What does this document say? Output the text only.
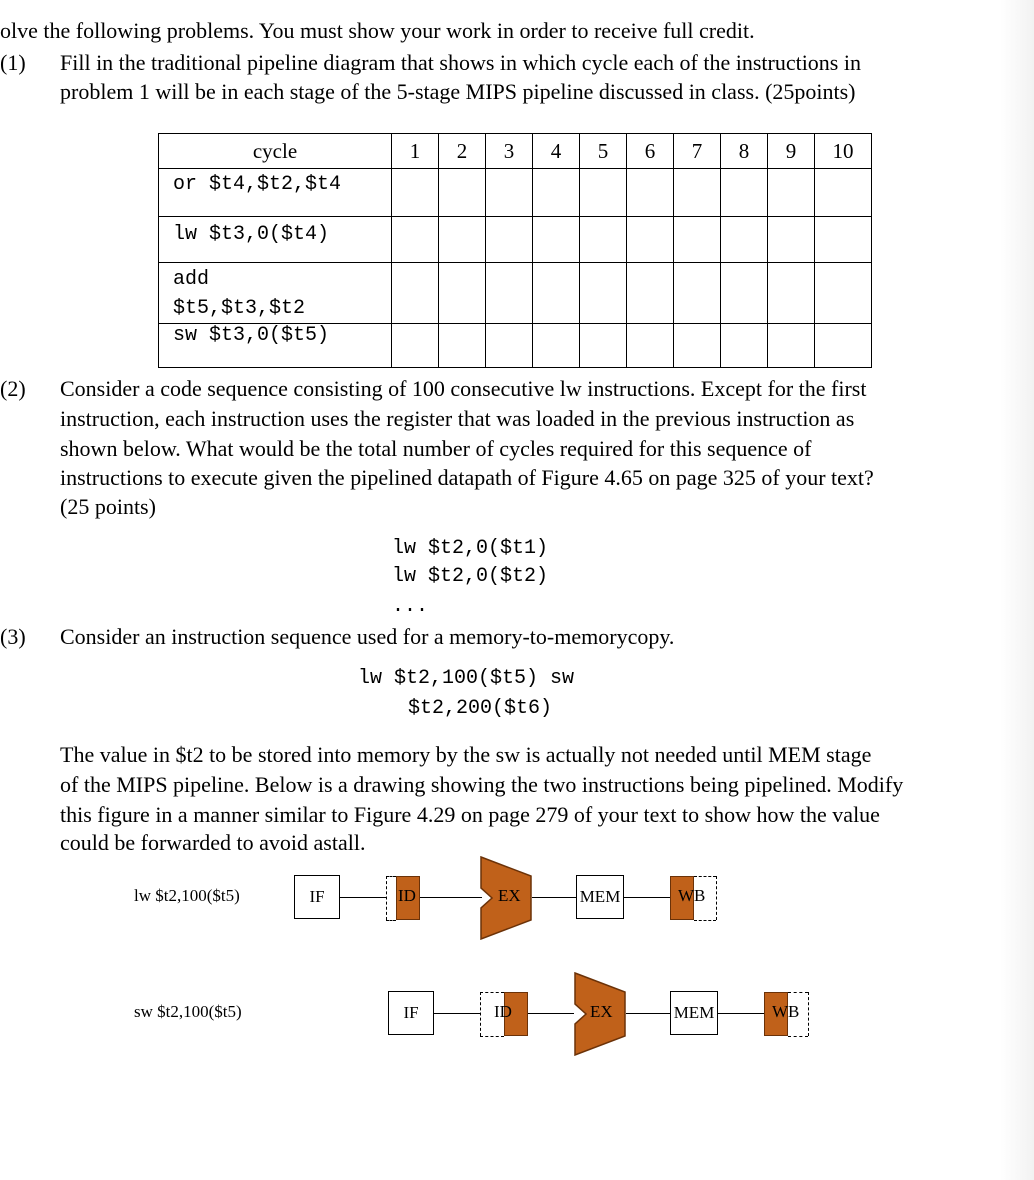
olve the following problems. You must show your work in order to receive full credit.
(1) Fill in the traditional pipeline diagram that shows in which cycle each of the instructions in
problem 1 will be in each stage of the 5-stage MIPS pipeline discussed in class. (25points)
cycle	1	2	3	4	5	6	7	8	9	10
or $t4,$t2,$t4										
lw $t3,0($t4)										

add
$t5,$t3,$t2										

sw $t3,0($t5)										
(2) Consider a code sequence consisting of 100 consecutive lw instructions. Except for the first
instruction, each instruction uses the register that was loaded in the previous instruction as
shown below. What would be the total number of cycles required for this sequence of
instructions to execute given the pipelined datapath of Figure 4.65 on page 325 of your text?
(25 points)
lw $t2,0($t1)
lw $t2,0($t2)
...
(3) Consider an instruction sequence used for a memory-to-memorycopy.
lw $t2,100($t5) sw
$t2,200($t6)
The value in $t2 to be stored into memory by the sw is actually not needed until MEM stage
of the MIPS pipeline. Below is a drawing showing the two instructions being pipelined. Modify
this figure in a manner similar to Figure 4.29 on page 279 of your text to show how the value
could be forwarded to avoid astall.
lw $t2,100($t5)	IF	ID	EX	MEM	WB
sw $t2,100($t5)	IF	ID	EX	MEM	WB
